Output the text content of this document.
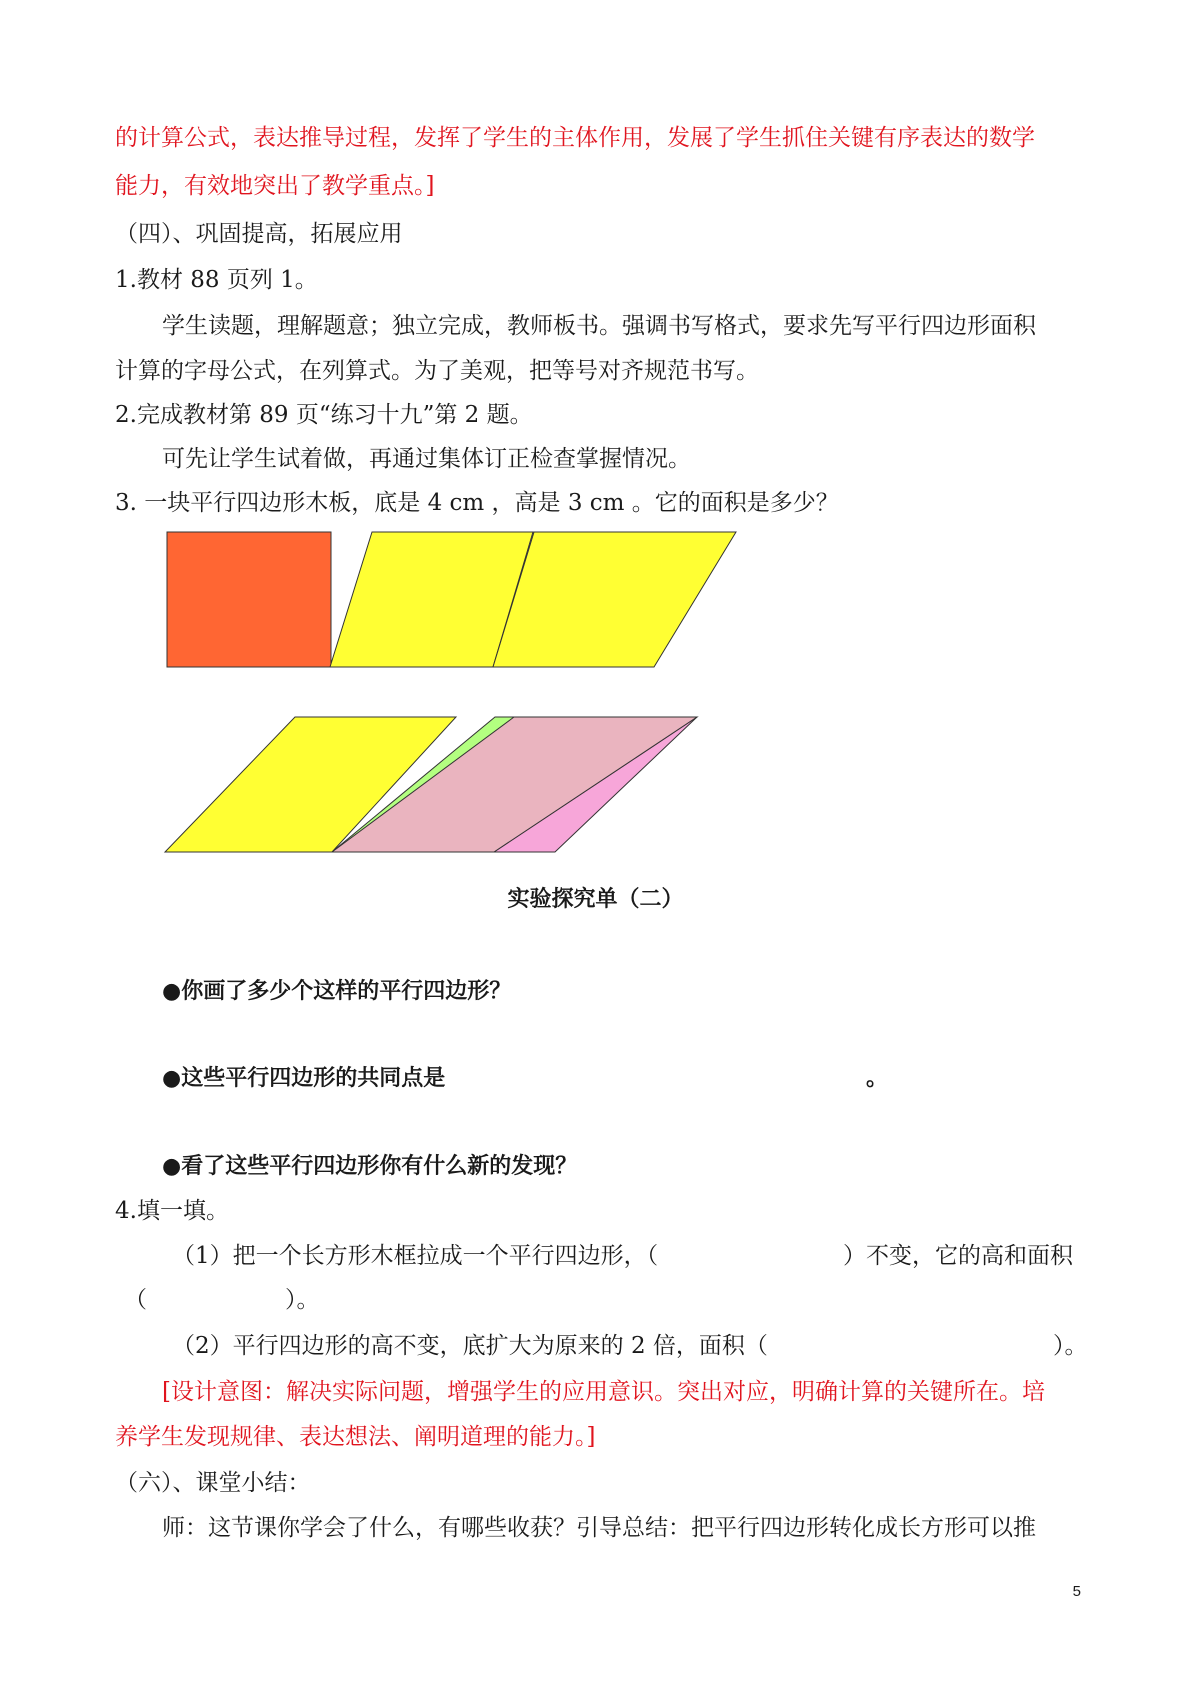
的计算公式，表达推导过程，发挥了学生的主体作用，发展了学生抓住关键有序表达的数学
能力，有效地突出了教学重点。]
（四）、巩固提高，拓展应用
1.教材 88 页列 1。
学生读题，理解题意；独立完成，教师板书。强调书写格式，要求先写平行四边形面积
计算的字母公式，在列算式。为了美观，把等号对齐规范书写。
2.完成教材第 89 页“练习十九”第 2 题。
可先让学生试着做，再通过集体订正检查掌握情况。
3. 一块平行四边形木板，底是 4 cm ，高是 3 cm 。它的面积是多少？
实验探究单（二）
●你画了多少个这样的平行四边形？
●这些平行四边形的共同点是	。
●看了这些平行四边形你有什么新的发现？
4.填一填。
（1）把一个长方形木框拉成一个平行四边形，（	）不变，它的高和面积
（	）。
（2）平行四边形的高不变，底扩大为原来的 2 倍，面积（	）。
[设计意图：解决实际问题，增强学生的应用意识。突出对应，明确计算的关键所在。培
养学生发现规律、表达想法、阐明道理的能力。]
（六）、课堂小结：
师：这节课你学会了什么，有哪些收获？引导总结：把平行四边形转化成长方形可以推
5
